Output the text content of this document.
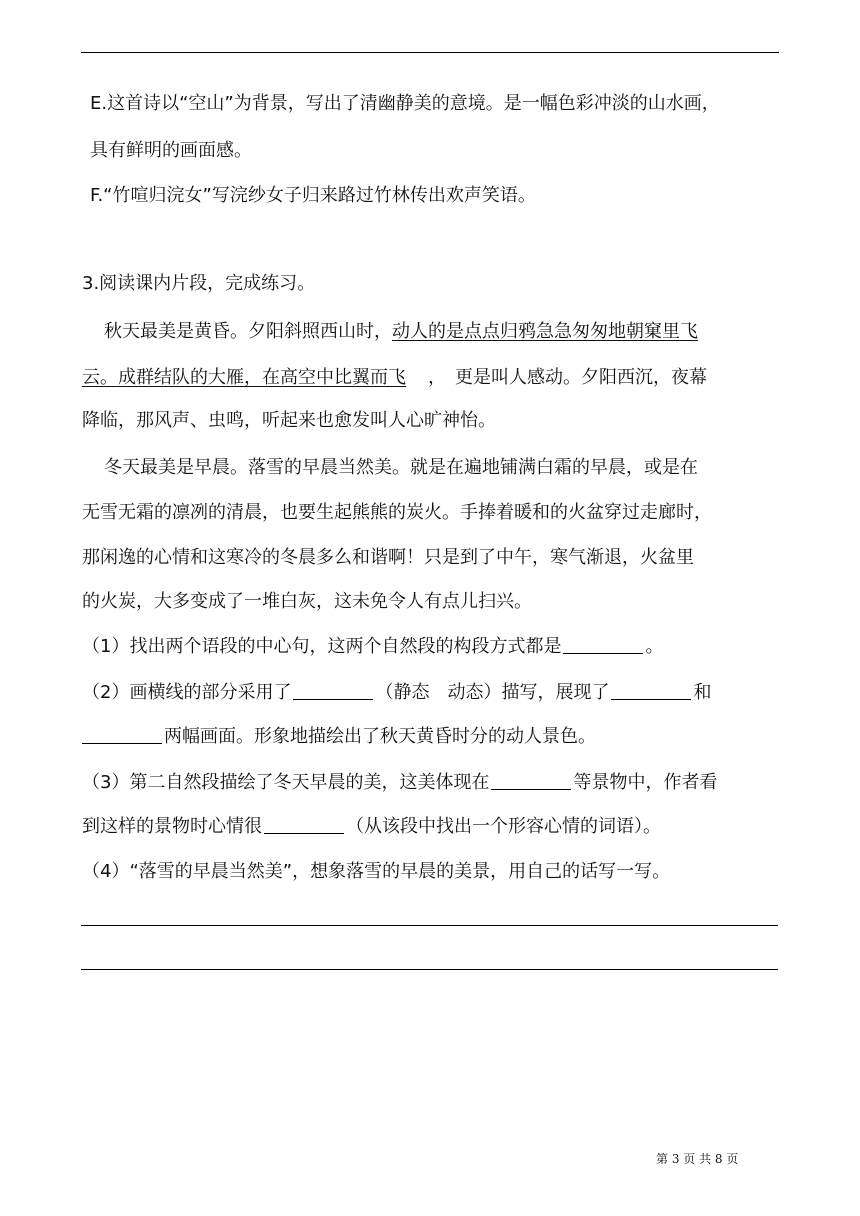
E.这首诗以“空山”为背景，写出了清幽静美的意境。是一幅色彩冲淡的山水画，
具有鲜明的画面感。
F.“竹喧归浣女”写浣纱女子归来路过竹林传出欢声笑语。
3.阅读课内片段，完成练习。
秋天最美是黄昏。夕阳斜照西山时，动人的是点点归鸦急急匆匆地朝窠里飞
云。成群结队的大雁，在高空中比翼而飞 ，　更是叫人感动。夕阳西沉，夜幕
降临，那风声、虫鸣，听起来也愈发叫人心旷神怡。
冬天最美是早晨。落雪的早晨当然美。就是在遍地铺满白霜的早晨，或是在
无雪无霜的凛冽的清晨，也要生起熊熊的炭火。手捧着暖和的火盆穿过走廊时，
那闲逸的心情和这寒冷的冬晨多么和谐啊！只是到了中午，寒气渐退，火盆里
的火炭，大多变成了一堆白灰，这未免令人有点儿扫兴。
（1）找出两个语段的中心句，这两个自然段的构段方式都是	。
（2）画横线的部分采用了	（静态　动态）描写，展现了	和
两幅画面。形象地描绘出了秋天黄昏时分的动人景色。
（3）第二自然段描绘了冬天早晨的美，这美体现在	等景物中，作者看
到这样的景物时心情很	（从该段中找出一个形容心情的词语）。
（4）“落雪的早晨当然美”，想象落雪的早晨的美景，用自己的话写一写。
第 3 页 共 8 页
